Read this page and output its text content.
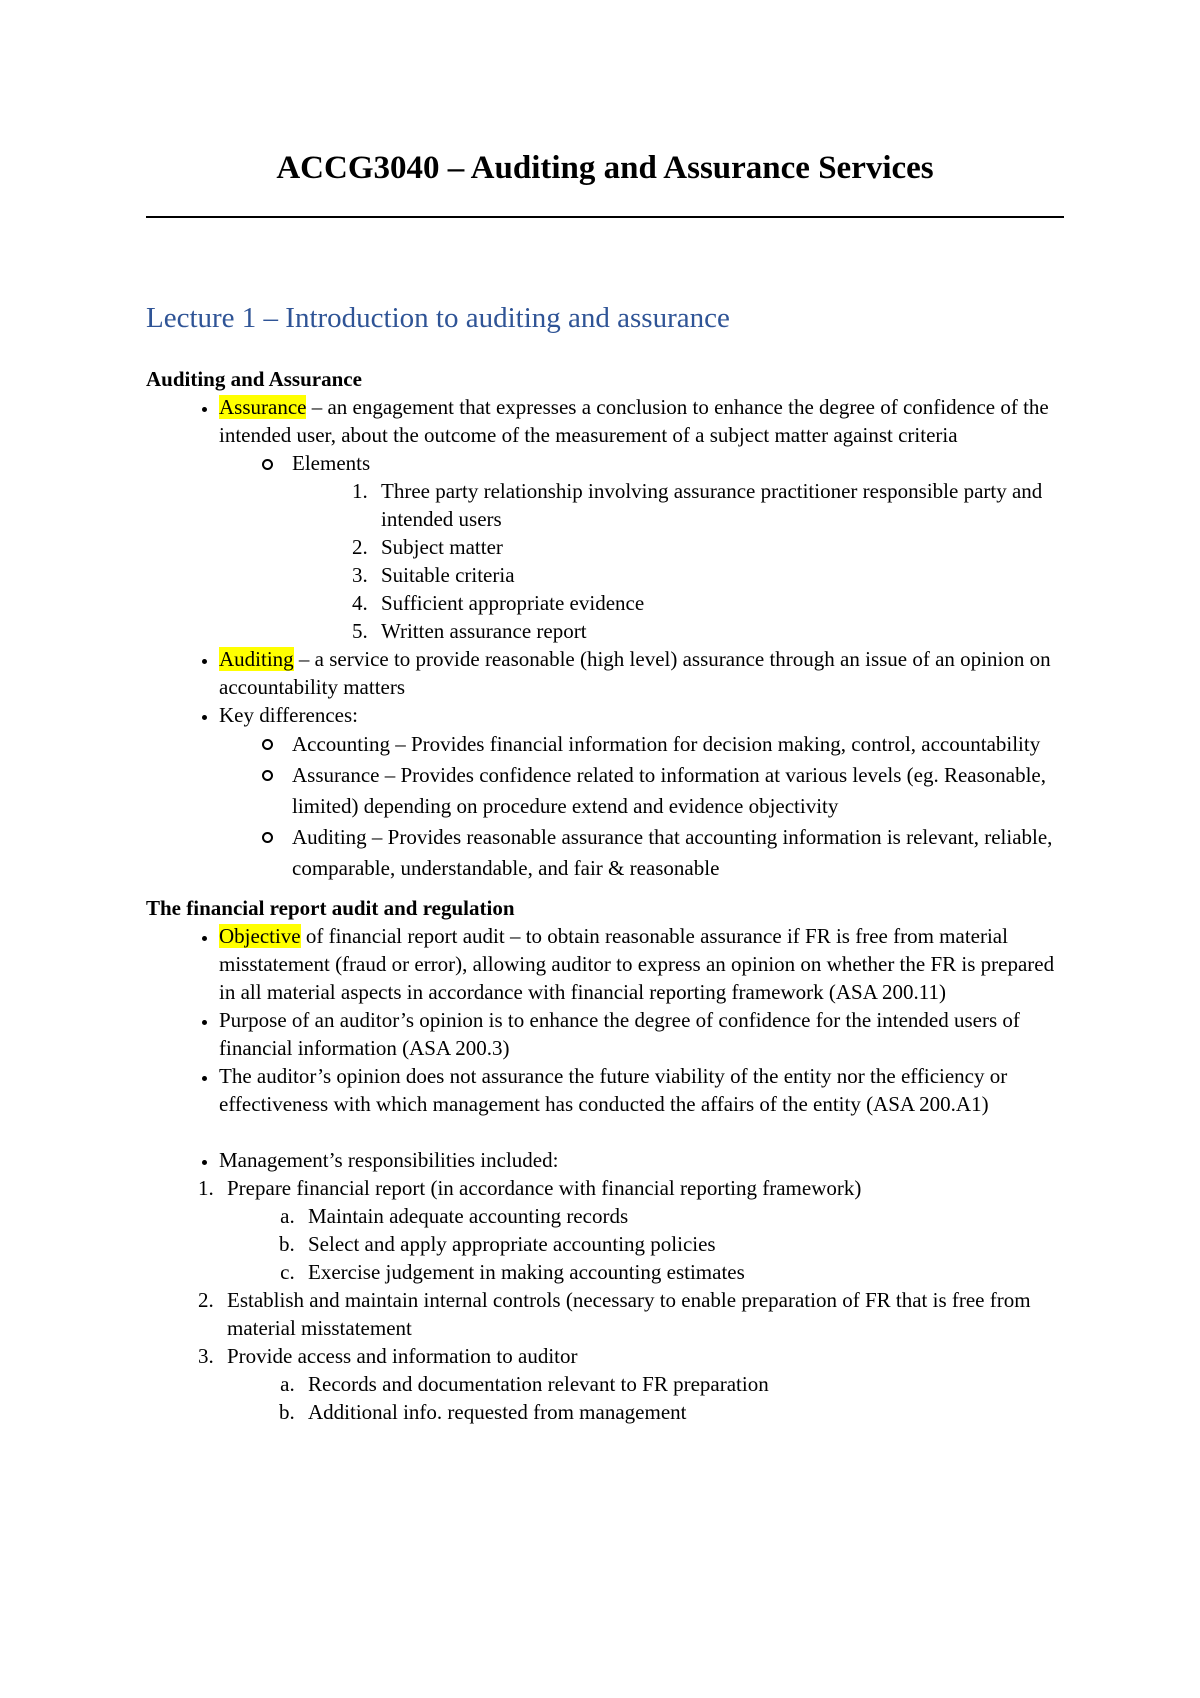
ACCG3040 – Auditing and Assurance Services
Lecture 1 – Introduction to auditing and assurance

Auditing and Assurance

• Assurance – an engagement that expresses a conclusion to enhance the degree of confidence of the intended user, about the outcome of the measurement of a subject matter against criteria
Elements
1. Three party relationship involving assurance practitioner responsible party and intended users
2. Subject matter
3. Suitable criteria
4. Sufficient appropriate evidence
5. Written assurance report
• Auditing – a service to provide reasonable (high level) assurance through an issue of an opinion on accountability matters
• Key differences:
Accounting – Provides financial information for decision making, control, accountability
Assurance – Provides confidence related to information at various levels (eg. Reasonable, limited) depending on procedure extend and evidence objectivity
Auditing – Provides reasonable assurance that accounting information is relevant, reliable, comparable, understandable, and fair & reasonable

The financial report audit and regulation

• Objective of financial report audit – to obtain reasonable assurance if FR is free from material misstatement (fraud or error), allowing auditor to express an opinion on whether the FR is prepared in all material aspects in accordance with financial reporting framework (ASA 200.11)
• Purpose of an auditor’s opinion is to enhance the degree of confidence for the intended users of financial information (ASA 200.3)
• The auditor’s opinion does not assurance the future viability of the entity nor the efficiency or effectiveness with which management has conducted the affairs of the entity (ASA 200.A1)
• Management’s responsibilities included:
1. Prepare financial report (in accordance with financial reporting framework)
a. Maintain adequate accounting records
b. Select and apply appropriate accounting policies
c. Exercise judgement in making accounting estimates
2. Establish and maintain internal controls (necessary to enable preparation of FR that is free from material misstatement
3. Provide access and information to auditor
a. Records and documentation relevant to FR preparation
b. Additional info. requested from management
